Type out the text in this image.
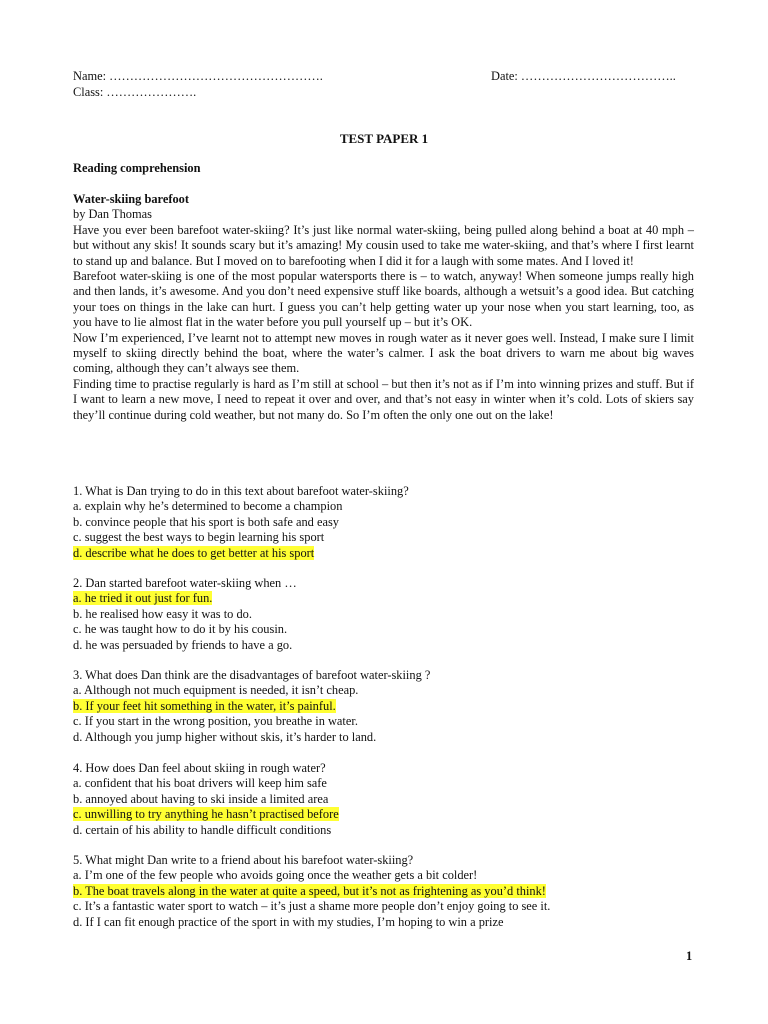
Name: …………………………………………….	Date: ………………………………..
Class: ………………….
TEST PAPER 1
Reading comprehension

Water-skiing barefoot

by Dan Thomas

Have you ever been barefoot water-skiing? It’s just like normal water-skiing, being pulled along behind a boat at 40 mph – but without any skis! It sounds scary but it’s amazing! My cousin used to take me water-skiing, and that’s where I first learnt to stand up and balance. But I moved on to barefooting when I did it for a laugh with some mates. And I loved it!

Barefoot water-skiing is one of the most popular watersports there is – to watch, anyway! When someone jumps really high and then lands, it’s awesome. And you don’t need expensive stuff like boards, although a wetsuit’s a good idea. But catching your toes on things in the lake can hurt. I guess you can’t help getting water up your nose when you start learning, too, as you have to lie almost flat in the water before you pull yourself up – but it’s OK.

Now I’m experienced, I’ve learnt not to attempt new moves in rough water as it never goes well. Instead, I make sure I limit myself to skiing directly behind the boat, where the water’s calmer. I ask the boat drivers to warn me about big waves coming, although they can’t always see them.

Finding time to practise regularly is hard as I’m still at school – but then it’s not as if I’m into winning prizes and stuff. But if I want to learn a new move, I need to repeat it over and over, and that’s not easy in winter when it’s cold. Lots of skiers say they’ll continue during cold weather, but not many do. So I’m often the only one out on the lake!

1. What is Dan trying to do in this text about barefoot water-skiing?

a. explain why he’s determined to become a champion

b. convince people that his sport is both safe and easy

c. suggest the best ways to begin learning his sport

d. describe what he does to get better at his sport

2. Dan started barefoot water-skiing when …

a. he tried it out just for fun.

b. he realised how easy it was to do.

c. he was taught how to do it by his cousin.

d. he was persuaded by friends to have a go.

3. What does Dan think are the disadvantages of barefoot water-skiing ?

a. Although not much equipment is needed, it isn’t cheap.

b. If your feet hit something in the water, it’s painful.

c. If you start in the wrong position, you breathe in water.

d. Although you jump higher without skis, it’s harder to land.

4. How does Dan feel about skiing in rough water?

a. confident that his boat drivers will keep him safe

b. annoyed about having to ski inside a limited area

c. unwilling to try anything he hasn’t practised before

d. certain of his ability to handle difficult conditions

5. What might Dan write to a friend about his barefoot water-skiing?

a. I’m one of the few people who avoids going once the weather gets a bit colder!

b. The boat travels along in the water at quite a speed, but it’s not as frightening as you’d think!

c. It’s a fantastic water sport to watch – it’s just a shame more people don’t enjoy going to see it.

d. If I can fit enough practice of the sport in with my studies, I’m hoping to win a prize

1
